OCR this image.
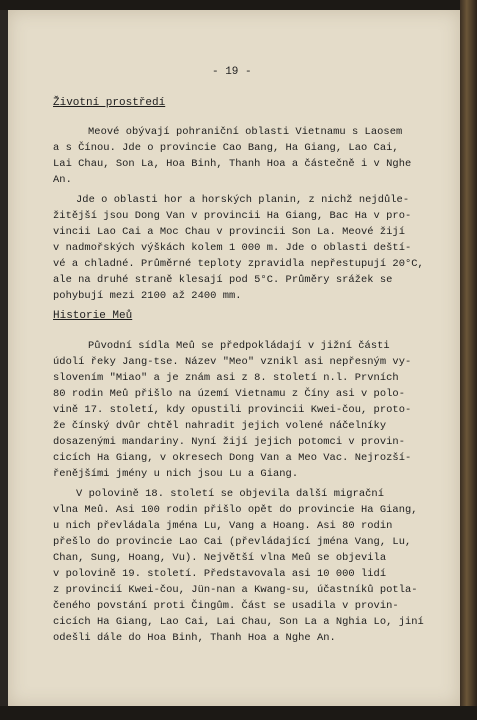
- 19 -
Životní prostředí
Meové obývají pohraniční oblasti Vietnamu s Laosem
a s Čínou. Jde o provincie Cao Bang, Ha Giang, Lao Cai,
Lai Chau, Son La, Hoa Binh, Thanh Hoa a částečně i v Nghe
An.
Jde o oblasti hor a horských planin, z nichž nejdůle-
žitější jsou Dong Van v provincii Ha Giang, Bac Ha v pro-
vincii Lao Cai a Moc Chau v provincii Son La. Meové žijí
v nadmořských výškách kolem 1 000 m. Jde o oblasti deští-
vé a chladné. Průměrné teploty zpravidla nepřestupují 20°C,
ale na druhé straně klesají pod 5°C. Průměry srážek se
pohybují mezi 2100 až 2400 mm.
Historie Meů
Původní sídla Meů se předpokládají v jižní části
údolí řeky Jang-tse. Název "Meo" vznikl asi nepřesným vy-
slovením "Miao" a je znám asi z 8. století n.l. Prvních
80 rodin Meů přišlo na území Vietnamu z Číny asi v polo-
vině 17. století, kdy opustili provincii Kwei-čou, proto-
že čínský dvůr chtěl nahradit jejich volené náčelníky
dosazenými mandariny. Nyní žijí jejich potomci v provin-
cicích Ha Giang, v okresech Dong Van a Meo Vac. Nejrozší-
řenějšími jmény u nich jsou Lu a Giang.
V polovině 18. století se objevila další migrační
vlna Meů. Asi 100 rodin přišlo opět do provincie Ha Giang,
u nich převládala jména Lu, Vang a Hoang. Asi 80 rodin
přešlo do provincie Lao Cai (převládající jména Vang, Lu,
Chan, Sung, Hoang, Vu). Největší vlna Meů se objevila
v polovině 19. století. Představovala asi 10 000 lidí
z provincií Kwei-čou, Jün-nan a Kwang-su, účastníků potla-
čeného povstání proti Čingům. Část se usadila v provin-
cicích Ha Giang, Lao Cai, Lai Chau, Son La a Nghia Lo, jiní
odešli dále do Hoa Binh, Thanh Hoa a Nghe An.
